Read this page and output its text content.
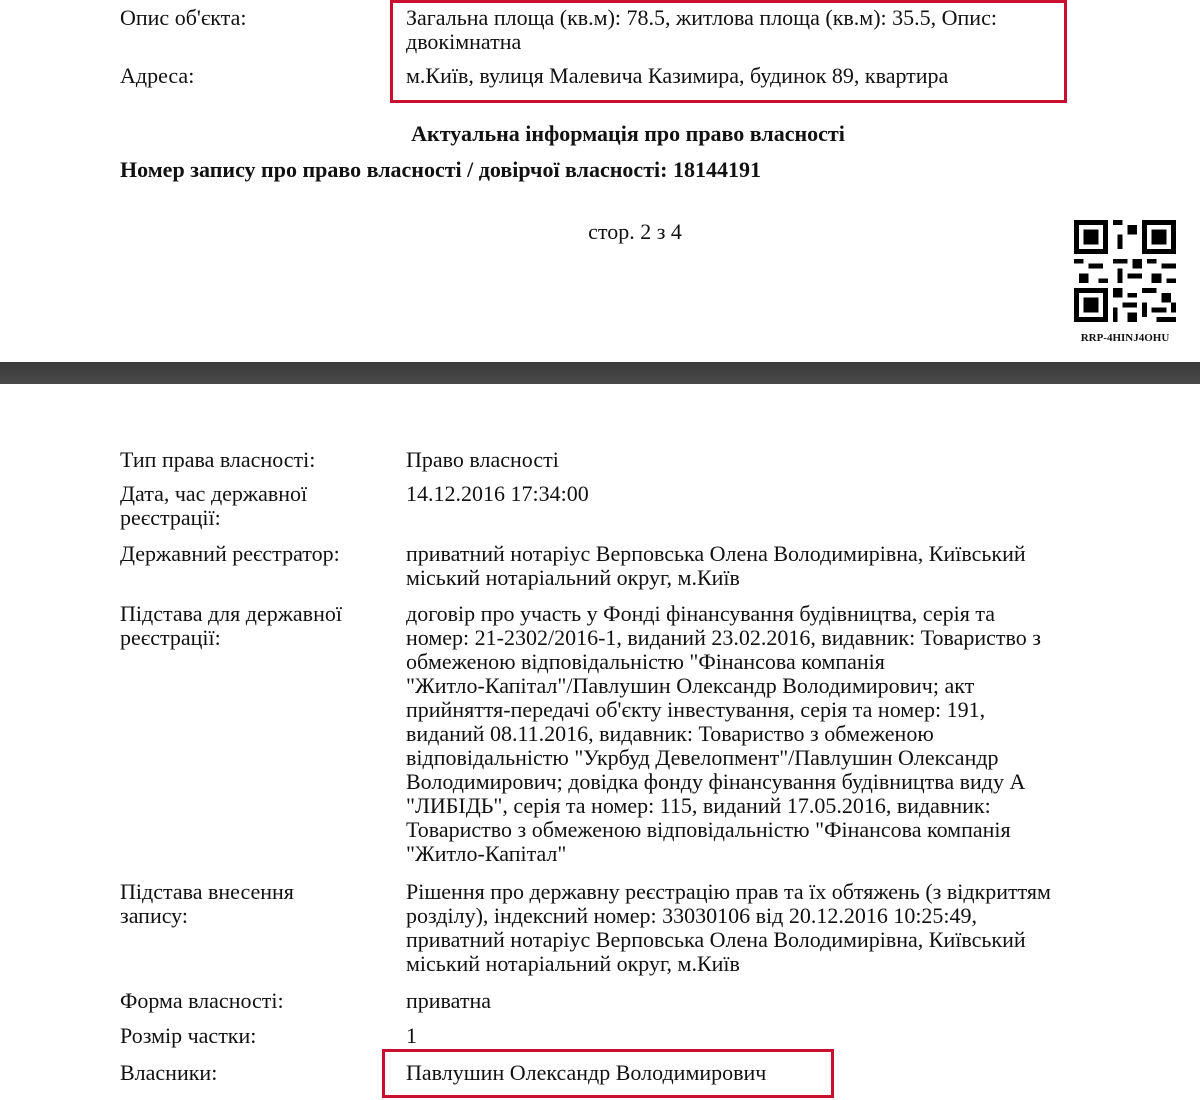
Опис об'єкта:	Загальна площа (кв.м): 78.5, житлова площа (кв.м): 35.5, Опис:
двокімнатна
Адреса:	м.Київ, вулиця Малевича Казимира, будинок 89, квартира
Актуальна інформація про право власності
Номер запису про право власності / довірчої власності: 18144191
стор. 2 з 4
RRP-4HINJ4OHU
Тип права власності:	Право власності
Дата, час державної
реєстрації:
14.12.2016 17:34:00
Державний реєстратор:	приватний нотаріус Верповська Олена Володимирівна, Київський
міський нотаріальний округ, м.Київ
Підстава для державної
реєстрації:
договір про участь у Фонді фінансування будівництва, серія та
номер: 21-2302/2016-1, виданий 23.02.2016, видавник: Товариство з
обмеженою відповідальністю "Фінансова компанія
"Житло-Капітал"/Павлушин Олександр Володимирович; акт
прийняття-передачі об'єкту інвестування, серія та номер: 191,
виданий 08.11.2016, видавник: Товариство з обмеженою
відповідальністю "Укрбуд Девелопмент"/Павлушин Олександр
Володимирович; довідка фонду фінансування будівництва виду А
"ЛИБІДЬ", серія та номер: 115, виданий 17.05.2016, видавник:
Товариство з обмеженою відповідальністю "Фінансова компанія
"Житло-Капітал"
Підстава внесення
запису:
Рішення про державну реєстрацію прав та їх обтяжень (з відкриттям
розділу), індексний номер: 33030106 від 20.12.2016 10:25:49,
приватний нотаріус Верповська Олена Володимирівна, Київський
міський нотаріальний округ, м.Київ
Форма власності:	приватна
Розмір частки:	1
Власники:	Павлушин Олександр Володимирович
